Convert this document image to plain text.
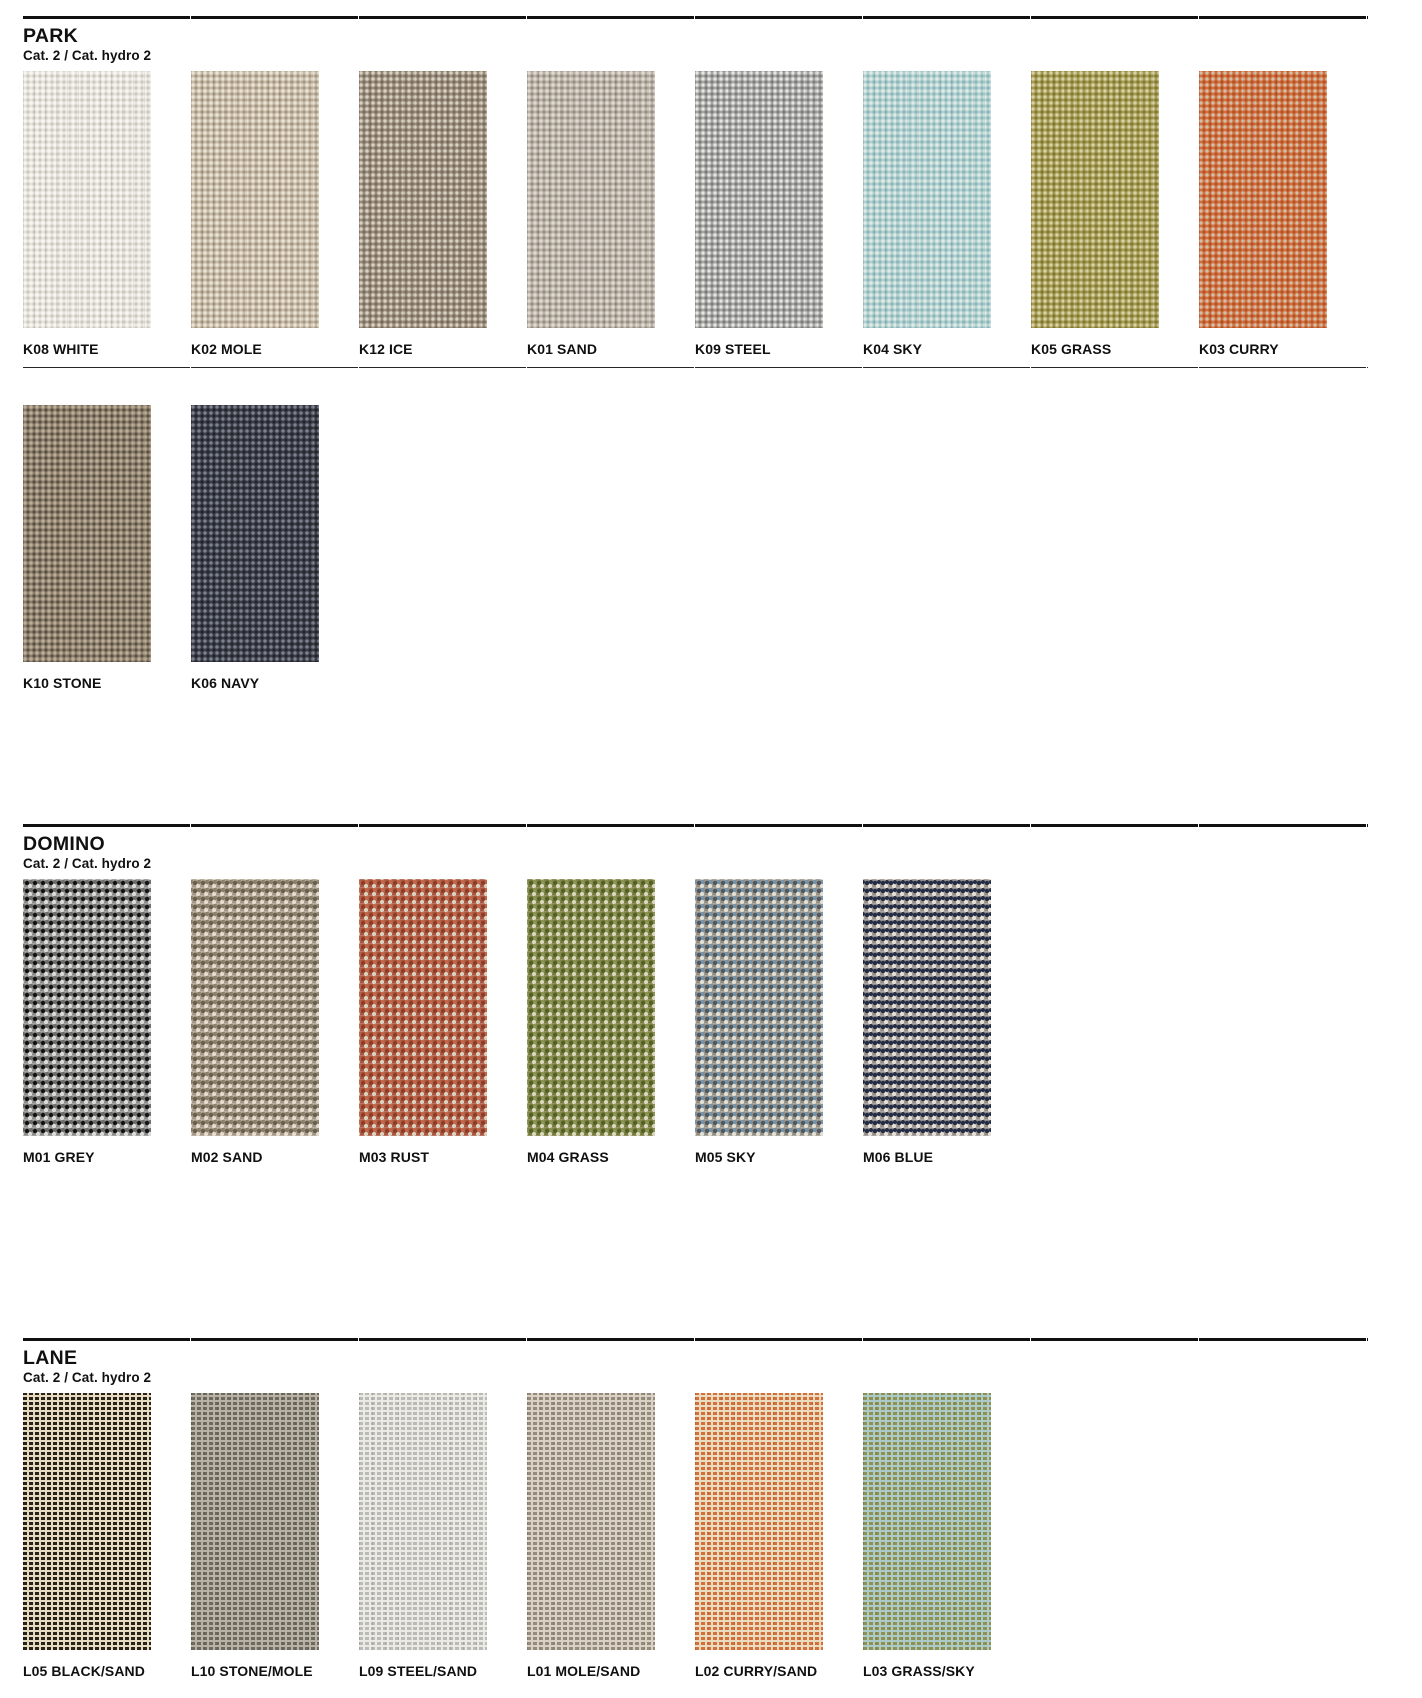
PARK
Cat. 2 / Cat. hydro 2
K08 WHITE	K02 MOLE	K12 ICE	K01 SAND	K09 STEEL	K04 SKY	K05 GRASS	K03 CURRY
K10 STONE	K06 NAVY
DOMINO
Cat. 2 / Cat. hydro 2
M01 GREY	M02 SAND	M03 RUST	M04 GRASS	M05 SKY	M06 BLUE
LANE
Cat. 2 / Cat. hydro 2
L05 BLACK/SAND	L10 STONE/MOLE	L09 STEEL/SAND	L01 MOLE/SAND	L02 CURRY/SAND	L03 GRASS/SKY
